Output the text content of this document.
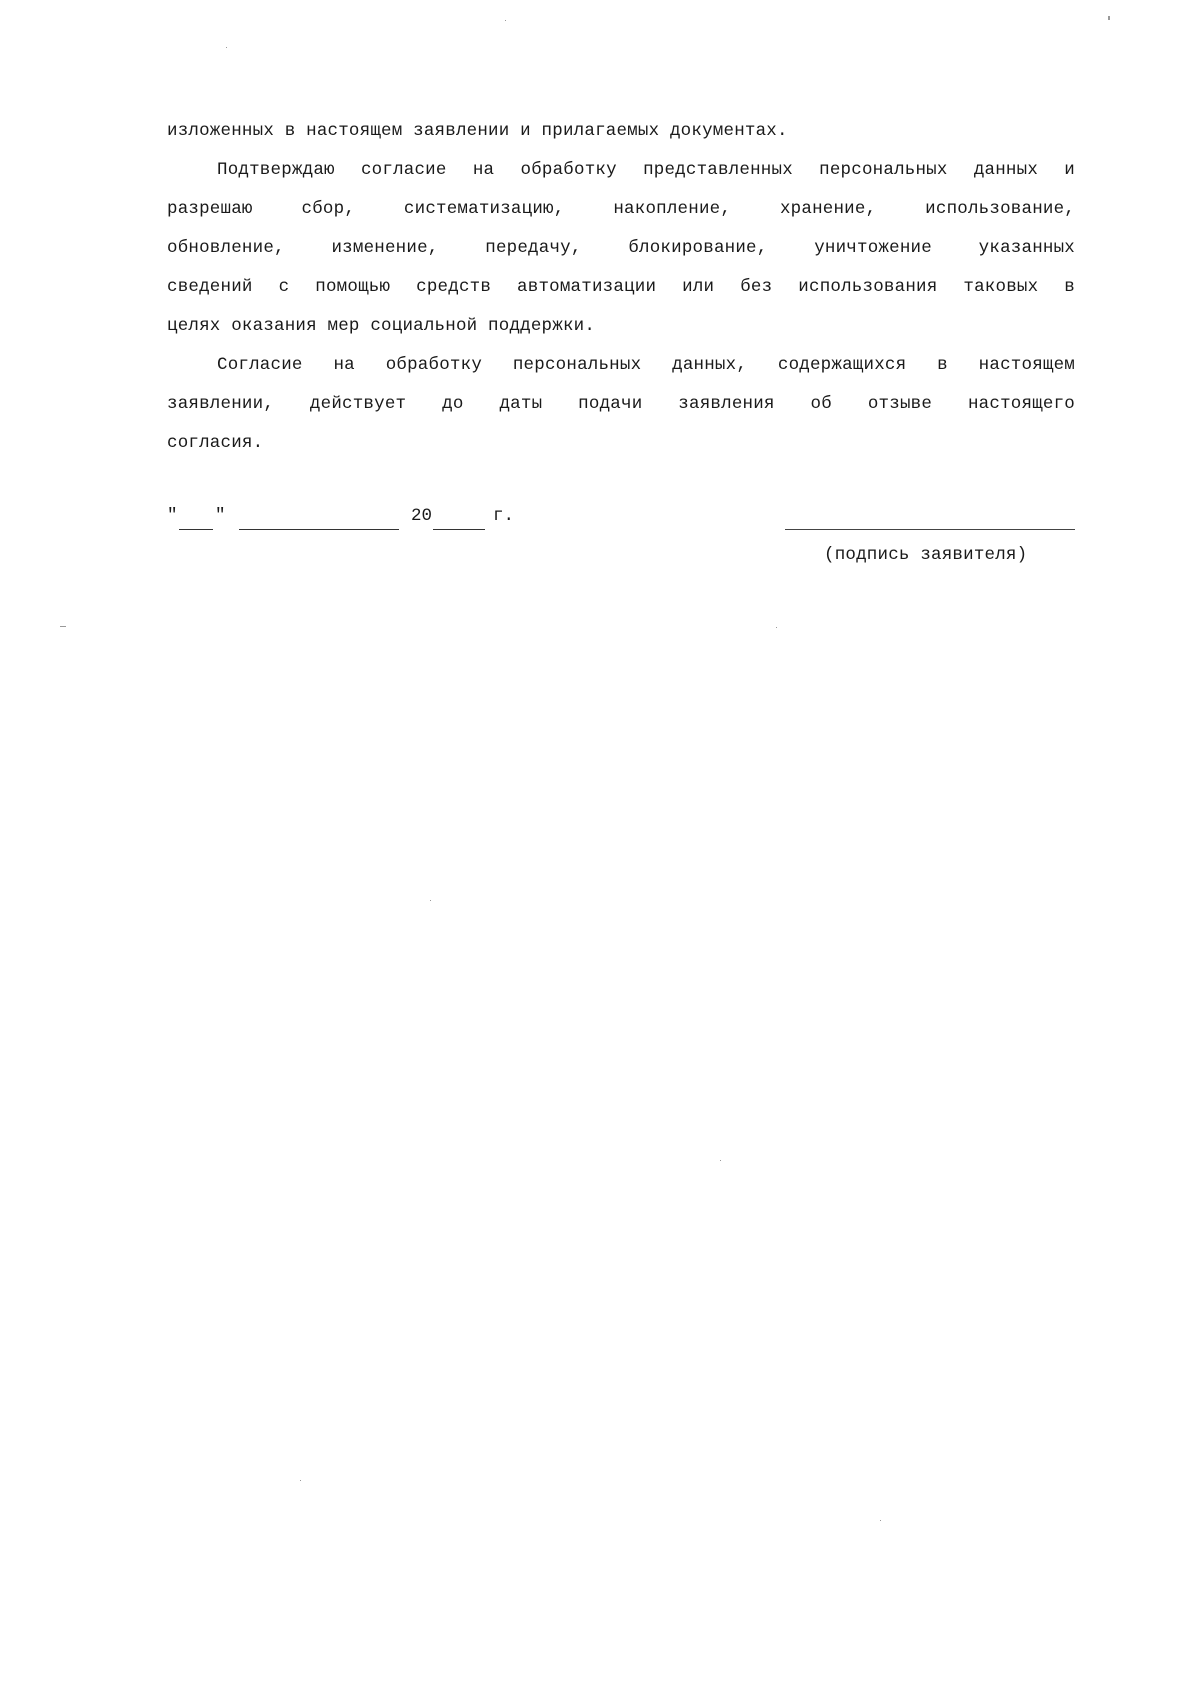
изложенных в настоящем заявлении и прилагаемых документах.
Подтверждаю согласие на обработку представленных персональных данных и
разрешаю сбор, систематизацию, накопление, хранение, использование,
обновление, изменение, передачу, блокирование, уничтожение указанных
сведений с помощью средств автоматизации или без использования таковых в
целях оказания мер социальной поддержки.
Согласие на обработку персональных данных, содержащихся в настоящем
заявлении, действует до даты подачи заявления об отзыве настоящего
согласия.
" "	20	г.
(подпись заявителя)
